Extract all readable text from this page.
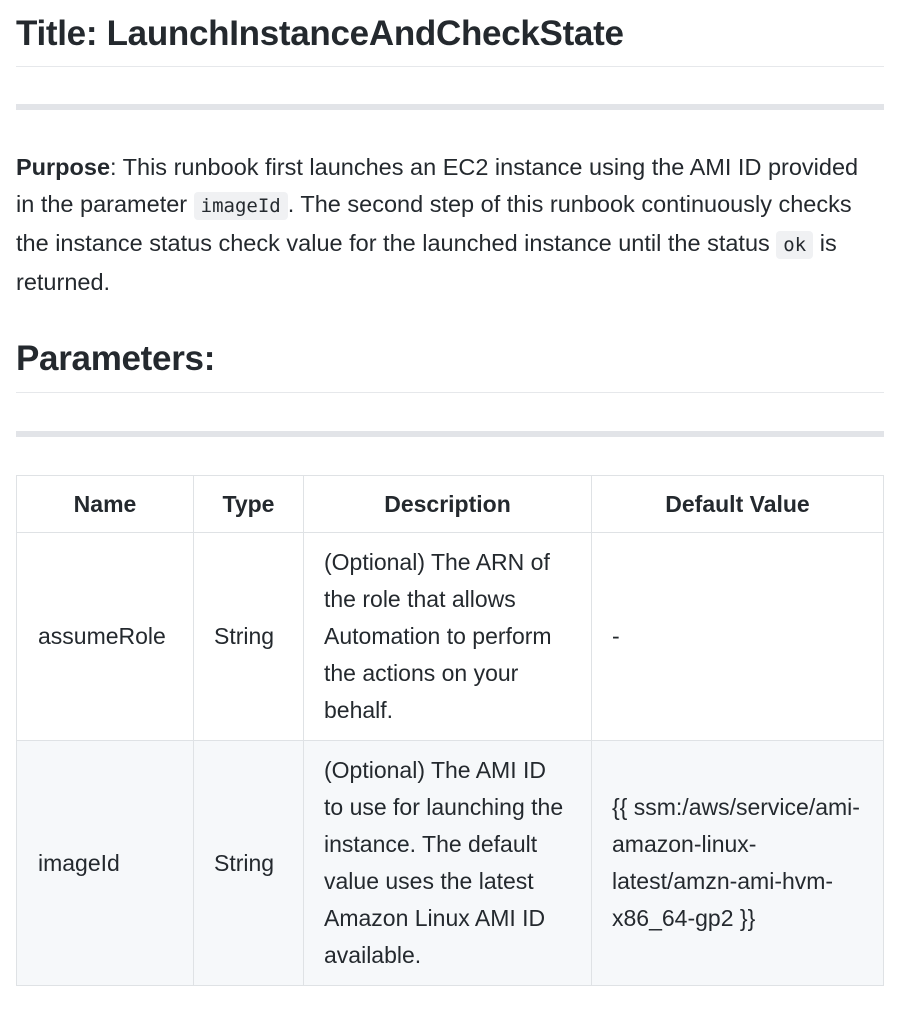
Title: LaunchInstanceAndCheckState

Purpose: This runbook first launches an EC2 instance using the AMI ID provided in the parameter imageId . The second step of this runbook continuously checks the instance status check value for the launched instance until the status ok is returned.

Parameters:
Name	Type	Description	Default Value
assumeRole	String	(Optional) The ARN of the role that allows Automation to perform the actions on your behalf.	-
imageId	String	(Optional) The AMI ID to use for launching the instance. The default value uses the latest Amazon Linux AMI ID available.	{{ ssm:/aws/service/ami-amazon-linux-latest/amzn-ami-hvm-x86_64-gp2 }}
